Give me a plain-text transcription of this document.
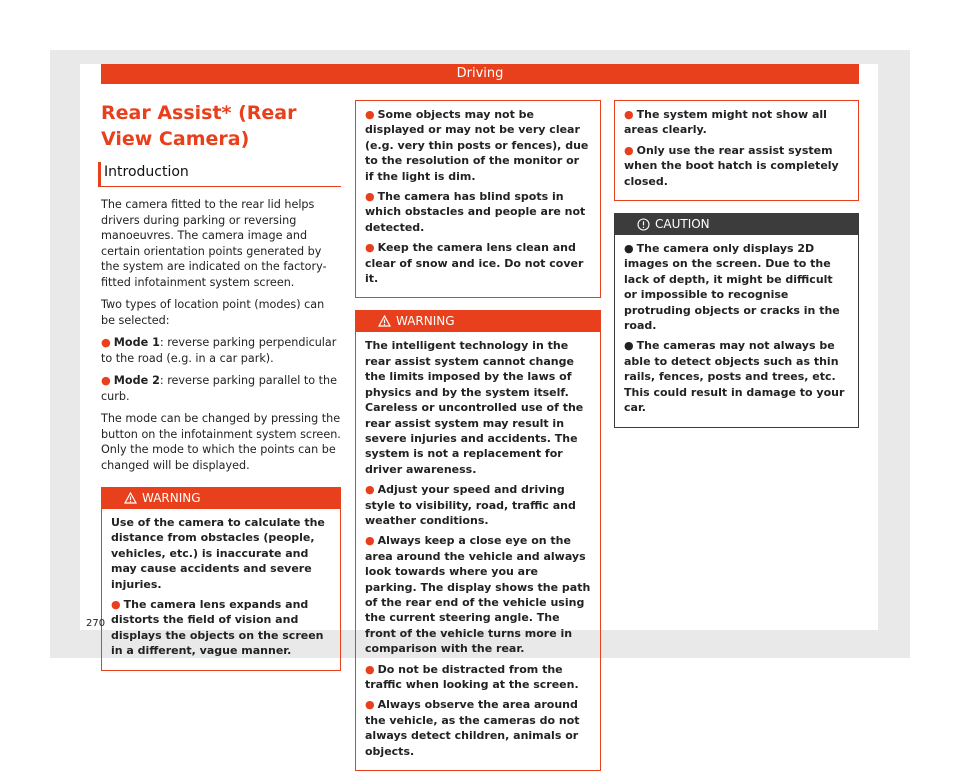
Driving
Rear Assist* (Rear View Camera)
Introduction

The camera fitted to the rear lid helps drivers during parking or reversing manoeuvres. The camera image and certain orientation points generated by the system are indicated on the factory-fitted infotainment system screen.

Two types of location point (modes) can be selected:

● Mode 1: reverse parking perpendicular to the road (e.g. in a car park).

● Mode 2: reverse parking parallel to the curb.

The mode can be changed by pressing the button on the infotainment system screen. Only the mode to which the points can be changed will be displayed.

WARNING

Use of the camera to calculate the distance from obstacles (people, vehicles, etc.) is inaccurate and may cause accidents and severe injuries.

● The camera lens expands and distorts the field of vision and displays the objects on the screen in a different, vague manner.

● Some objects may not be displayed or may not be very clear (e.g. very thin posts or fences), due to the resolution of the monitor or if the light is dim.

● The camera has blind spots in which obstacles and people are not detected.

● Keep the camera lens clean and clear of snow and ice. Do not cover it.

WARNING

The intelligent technology in the rear assist system cannot change the limits imposed by the laws of physics and by the system itself. Careless or uncontrolled use of the rear assist system may result in severe injuries and accidents. The system is not a replacement for driver awareness.

● Adjust your speed and driving style to visibility, road, traffic and weather conditions.

● Always keep a close eye on the area around the vehicle and always look towards where you are parking. The display shows the path of the rear end of the vehicle using the current steering angle. The front of the vehicle turns more in comparison with the rear.

● Do not be distracted from the traffic when looking at the screen.

● Always observe the area around the vehicle, as the cameras do not always detect children, animals or objects.

● The system might not show all areas clearly.

● Only use the rear assist system when the boot hatch is completely closed.

CAUTION

● The camera only displays 2D images on the screen. Due to the lack of depth, it might be difficult or impossible to recognise protruding objects or cracks in the road.

● The cameras may not always be able to detect objects such as thin rails, fences, posts and trees, etc. This could result in damage to your car.

270
